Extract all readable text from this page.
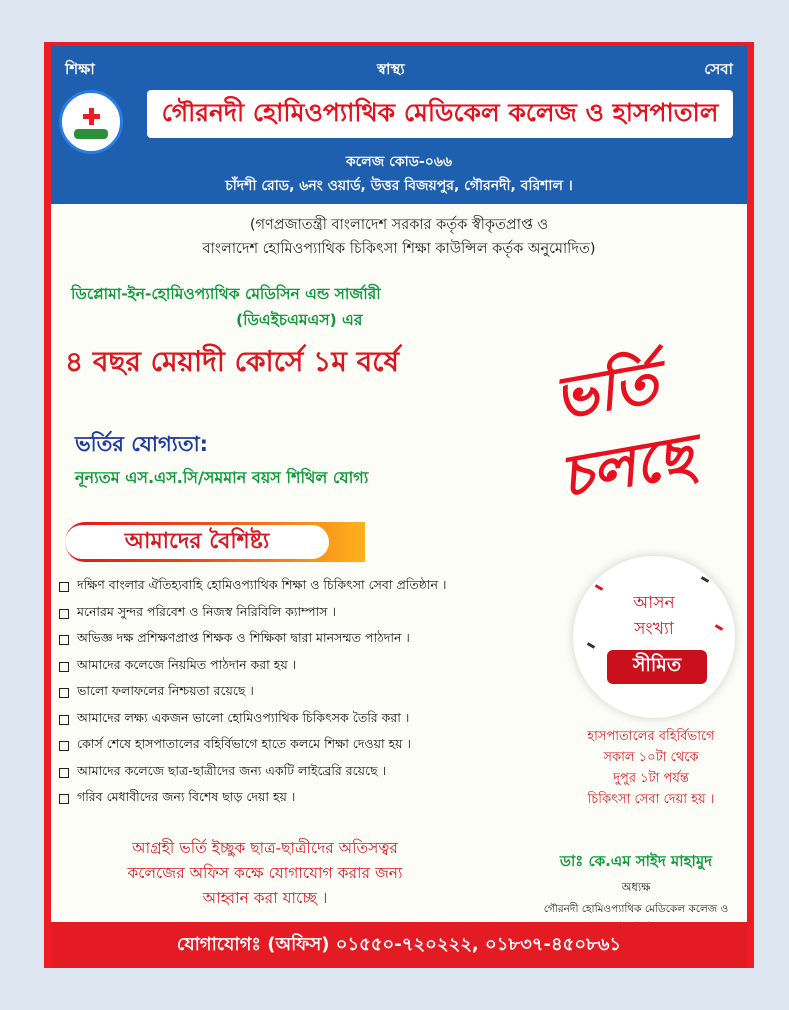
শিক্ষা	স্বাস্থ্য	সেবা
গৌরনদী হোমিওপ্যাথিক মেডিকেল কলেজ ও হাসপাতাল
কলেজ কোড-০৬৬
চাঁদশী রোড, ৬নং ওয়ার্ড, উত্তর বিজয়পুর, গৌরনদী, বরিশাল ।
(গণপ্রজাতন্ত্রী বাংলাদেশ সরকার কর্তৃক স্বীকৃতপ্রাপ্ত ও
বাংলাদেশ হোমিওপ্যাথিক চিকিৎসা শিক্ষা কাউন্সিল কর্তৃক অনুমোদিত)
ডিপ্লোমা-ইন-হোমিওপ্যাথিক মেডিসিন এন্ড সার্জারী
(ডিএইচএমএস) এর
৪ বছর মেয়াদী কোর্সে ১ম বর্ষে	ভর্তি
চলছে
ভর্তির যোগ্যতা:
নূন্যতম এস.এস.সি/সমমান বয়স শিথিল যোগ্য
আমাদের বৈশিষ্ট্য
দক্ষিণ বাংলার ঐতিহ্যবাহি হোমিওপ্যাথিক শিক্ষা ও চিকিৎসা সেবা প্রতিষ্ঠান ।
মনোরম সুন্দর পরিবেশ ও নিজস্ব নিরিবিলি ক্যাম্পাস ।
অভিজ্ঞ দক্ষ প্রশিক্ষণপ্রাপ্ত শিক্ষক ও শিক্ষিকা দ্বারা মানসম্মত পাঠদান ।
আমাদের কলেজে নিয়মিত পাঠদান করা হয় ।
ভালো ফলাফলের নিশ্চয়তা রয়েছে ।
আমাদের লক্ষ্য একজন ভালো হোমিওপ্যাথিক চিকিৎসক তৈরি করা ।
কোর্স শেষে হাসপাতালের বহির্বিভাগে হাতে কলমে শিক্ষা দেওয়া হয় ।
আমাদের কলেজে ছাত্র-ছাত্রীদের জন্য একটি লাইব্রেরি রয়েছে ।
গরিব মেধাবীদের জন্য বিশেষ ছাড় দেয়া হয় ।
আসন
সংখ্যা
সীমিত
হাসপাতালের বহির্বিভাগে
সকাল ১০টা থেকে
দুপুর ১টা পর্যন্ত
চিকিৎসা সেবা দেয়া হয় ।
আগ্রহী ভর্তি ইচ্ছুক ছাত্র-ছাত্রীদের অতিসত্বর
কলেজের অফিস কক্ষে যোগাযোগ করার জন্য
আহ্বান করা যাচ্ছে ।
ডাঃ কে.এম সাইদ মাহামুদ
অধ্যক্ষ
গৌরনদী হোমিওপ্যাথিক মেডিকেল কলেজ ও
যোগাযোগঃ (অফিস) ০১৫৫০-৭২০২২২, ০১৮৩৭-৪৫০৮৬১
